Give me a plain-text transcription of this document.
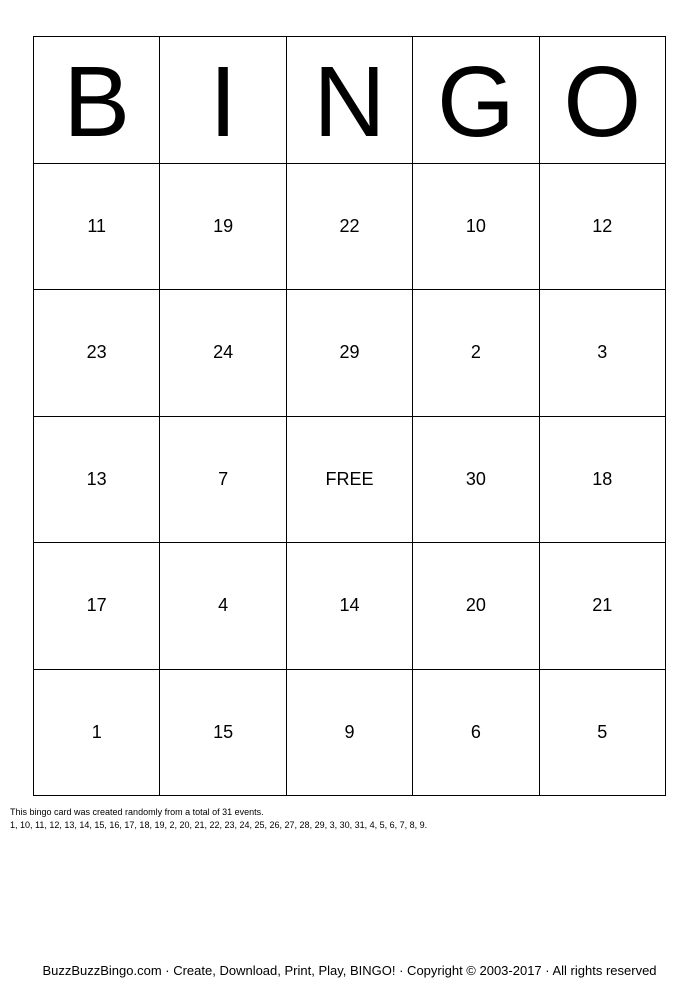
B I N G O
11	19	22	10	12
23	24	29	2	3
13	7	FREE	30	18
17	4	14	20	21
1	15	9	6	5
This bingo card was created randomly from a total of 31 events.
1, 10, 11, 12, 13, 14, 15, 16, 17, 18, 19, 2, 20, 21, 22, 23, 24, 25, 26, 27, 28, 29, 3, 30, 31, 4, 5, 6, 7, 8, 9.
BuzzBuzzBingo.com · Create, Download, Print, Play, BINGO! · Copyright © 2003-2017 · All rights reserved
